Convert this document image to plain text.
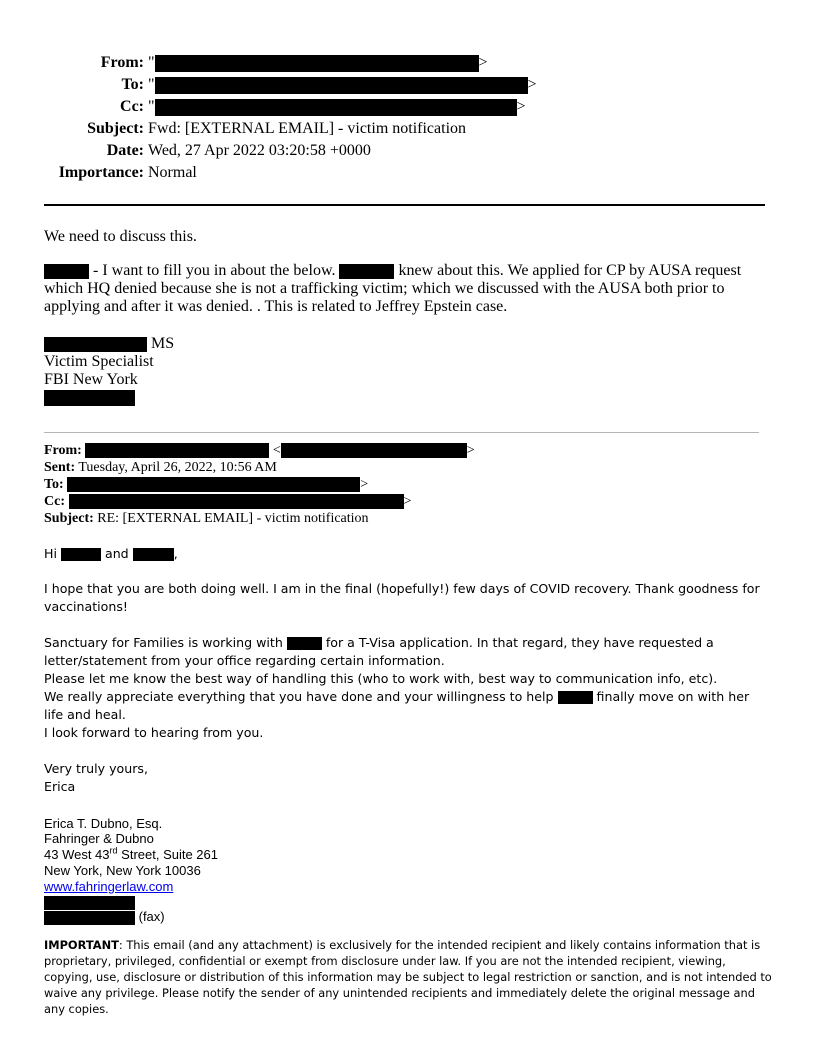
From: "	>
To: "	>
Cc: "	>
Subject: Fwd: [EXTERNAL EMAIL] - victim notification
Date: Wed, 27 Apr 2022 03:20:58 +0000
Importance: Normal
We need to discuss this.
- I want to fill you in about the below.	knew about this. We applied for CP by AUSA request which HQ denied because she is not a trafficking victim; which we discussed with the AUSA both prior to applying and after it was denied. . This is related to Jeffrey Epstein case.
MS
Victim Specialist
FBI New York
From:	<	>
Sent: Tuesday, April 26, 2022, 10:56 AM
To:	>
Cc:	>
Subject: RE: [EXTERNAL EMAIL] - victim notification
Hi	and	,
I hope that you are both doing well. I am in the final (hopefully!) few days of COVID recovery. Thank goodness for vaccinations!
Sanctuary for Families is working with	for a T-Visa application. In that regard, they have requested a letter/statement from your office regarding certain information.
Please let me know the best way of handling this (who to work with, best way to communication info, etc).
We really appreciate everything that you have done and your willingness to help	finally move on with her life and heal.
I look forward to hearing from you.
Very truly yours,
Erica
Erica T. Dubno, Esq.
Fahringer & Dubno
43 West 43rd Street, Suite 261
New York, New York 10036
www.fahringerlaw.com
(fax)
IMPORTANT: This email (and any attachment) is exclusively for the intended recipient and likely contains information that is proprietary, privileged, confidential or exempt from disclosure under law. If you are not the intended recipient, viewing, copying, use, disclosure or distribution of this information may be subject to legal restriction or sanction, and is not intended to waive any privilege. Please notify the sender of any unintended recipients and immediately delete the original message and any copies.
